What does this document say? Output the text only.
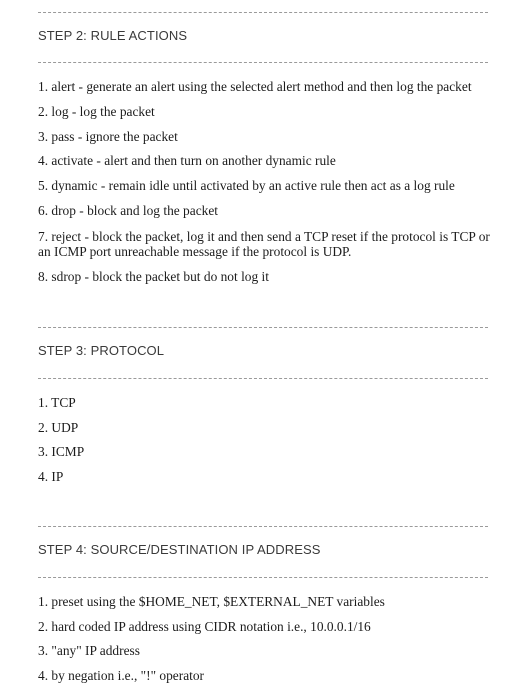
STEP 2: RULE ACTIONS
1. alert - generate an alert using the selected alert method and then log the packet
2. log - log the packet
3. pass - ignore the packet
4. activate - alert and then turn on another dynamic rule
5. dynamic - remain idle until activated by an active rule then act as a log rule
6. drop - block and log the packet
7. reject - block the packet, log it and then send a TCP reset if the protocol is TCP or an ICMP port unreachable message if the protocol is UDP.
8. sdrop - block the packet but do not log it
STEP 3: PROTOCOL
1. TCP
2. UDP
3. ICMP
4. IP
STEP 4: SOURCE/DESTINATION IP ADDRESS
1. preset using the $HOME_NET, $EXTERNAL_NET variables
2. hard coded IP address using CIDR notation i.e., 10.0.0.1/16
3. "any" IP address
4. by negation i.e., "!" operator
